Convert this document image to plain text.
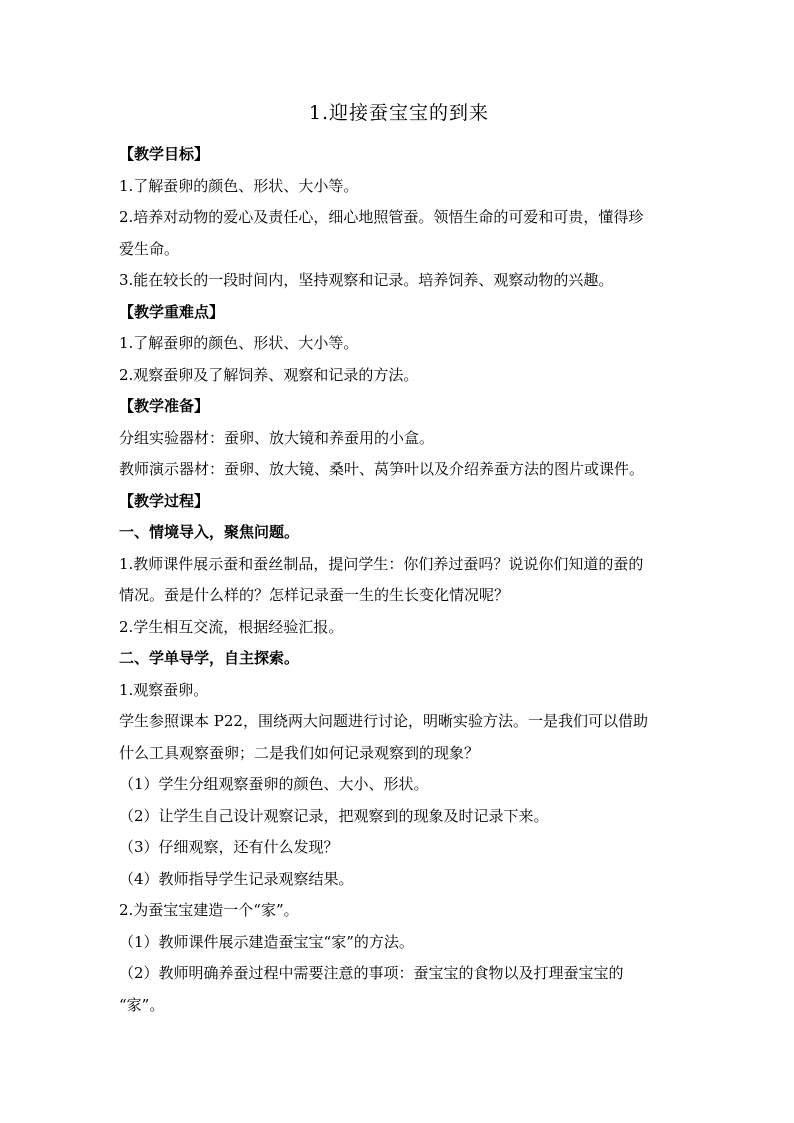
1.迎接蚕宝宝的到来
【教学目标】
1.了解蚕卵的颜色、形状、大小等。
2.培养对动物的爱心及责任心，细心地照管蚕。领悟生命的可爱和可贵，懂得珍
爱生命。
3.能在较长的一段时间内，坚持观察和记录。培养饲养、观察动物的兴趣。
【教学重难点】
1.了解蚕卵的颜色、形状、大小等。
2.观察蚕卵及了解饲养、观察和记录的方法。
【教学准备】
分组实验器材：蚕卵、放大镜和养蚕用的小盒。
教师演示器材：蚕卵、放大镜、桑叶、莴笋叶以及介绍养蚕方法的图片或课件。
【教学过程】
一、情境导入，聚焦问题。
1.教师课件展示蚕和蚕丝制品，提问学生：你们养过蚕吗？说说你们知道的蚕的
情况。蚕是什么样的？怎样记录蚕一生的生长变化情况呢？
2.学生相互交流，根据经验汇报。
二、学单导学，自主探索。
1.观察蚕卵。
学生参照课本 P22，围绕两大问题进行讨论，明晰实验方法。一是我们可以借助
什么工具观察蚕卵；二是我们如何记录观察到的现象？
（1）学生分组观察蚕卵的颜色、大小、形状。
（2）让学生自己设计观察记录，把观察到的现象及时记录下来。
（3）仔细观察，还有什么发现？
（4）教师指导学生记录观察结果。
2.为蚕宝宝建造一个“家”。
（1）教师课件展示建造蚕宝宝“家”的方法。
（2）教师明确养蚕过程中需要注意的事项：蚕宝宝的食物以及打理蚕宝宝的
“家”。
